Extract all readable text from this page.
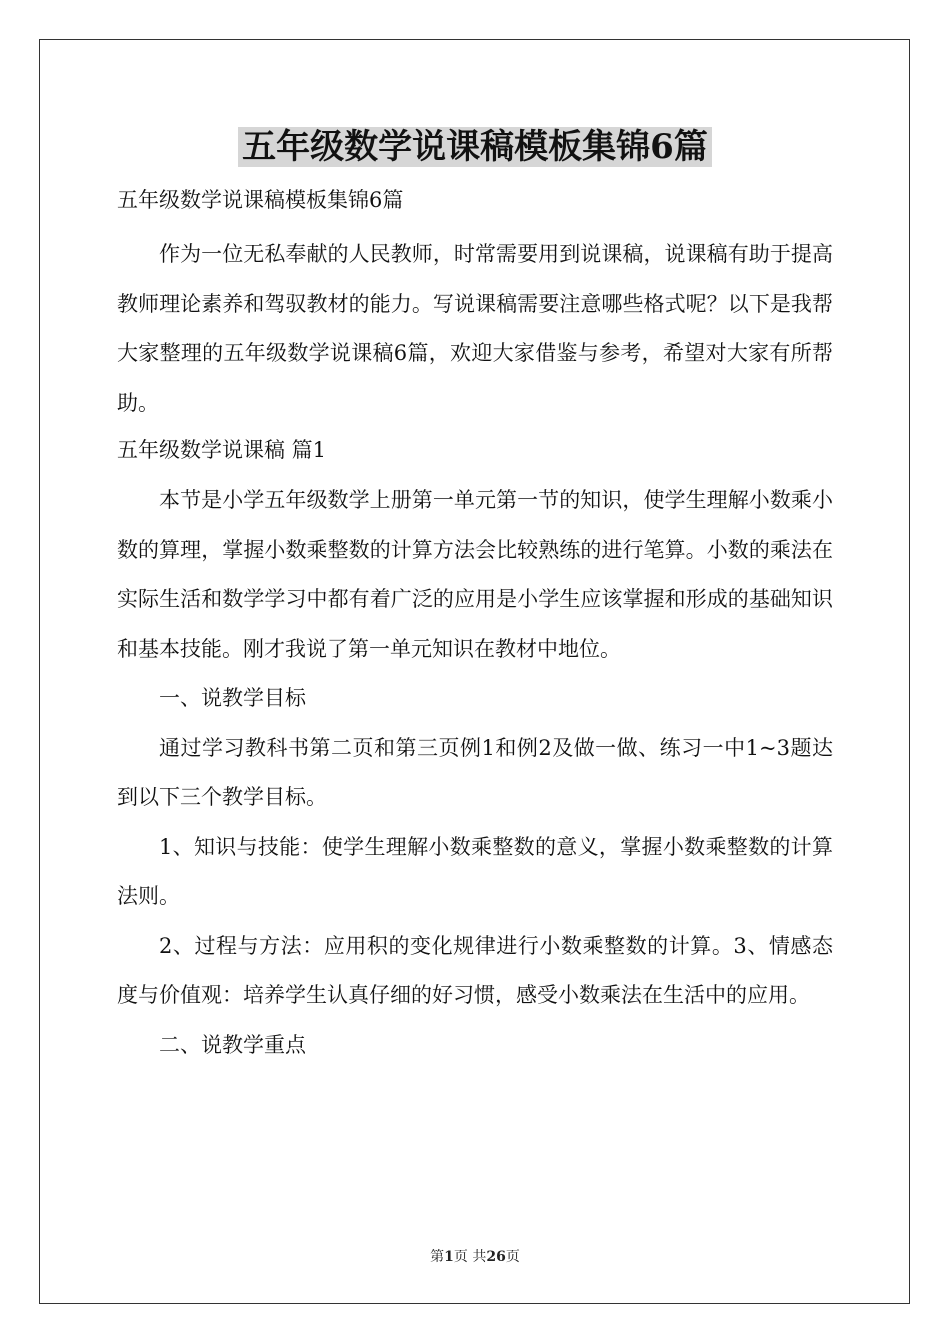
五年级数学说课稿模板集锦6篇
五年级数学说课稿模板集锦6篇

作为一位无私奉献的人民教师，时常需要用到说课稿，说课稿有助于提高教师理论素养和驾驭教材的能力。写说课稿需要注意哪些格式呢？以下是我帮大家整理的五年级数学说课稿6篇，欢迎大家借鉴与参考，希望对大家有所帮助。

五年级数学说课稿 篇1

本节是小学五年级数学上册第一单元第一节的知识，使学生理解小数乘小数的算理，掌握小数乘整数的计算方法会比较熟练的进行笔算。小数的乘法在实际生活和数学学习中都有着广泛的应用是小学生应该掌握和形成的基础知识和基本技能。刚才我说了第一单元知识在教材中地位。

一、说教学目标

通过学习教科书第二页和第三页例1和例2及做一做、练习一中1~3题达到以下三个教学目标。

1、知识与技能：使学生理解小数乘整数的意义，掌握小数乘整数的计算法则。

2、过程与方法：应用积的变化规律进行小数乘整数的计算。3、情感态度与价值观：培养学生认真仔细的好习惯，感受小数乘法在生活中的应用。

二、说教学重点

第1页 共26页
